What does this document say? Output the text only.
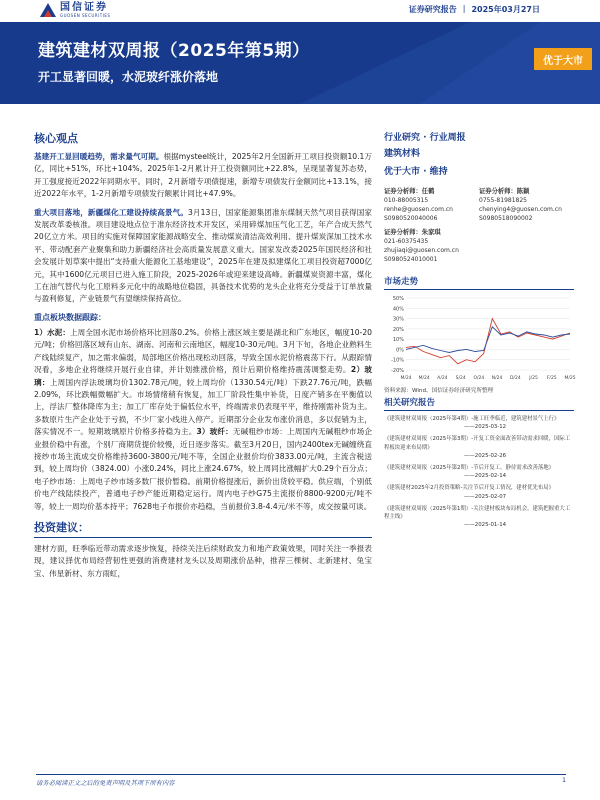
国信证券
GUOSEN SECURITIES
证券研究报告 | 2025年03月27日
建筑建材双周报（2025年第5期）
开工显著回暖，水泥玻纤涨价落地
优于大市
核心观点

基建开工显回暖趋势，需求量气可期。根据mysteel统计，2025年2月全国新开工项目投资额10.1万亿，同比+51%，环比+104%。2025年1-2月累计开工投资额同比+22.8%，呈现显著复苏态势，开工强度接近2022年同期水平。同时，2月新增专项债提速，新增专项债发行金额同比+13.1%，接近2022年水平，1-2月新增专项债发行额累计同比+47.9%。

重大项目落地，新疆煤化工建设持续高景气。3月13日，国家能源集团准东煤制天然气项目获得国家发展改革委核准。项目建设地点位于准东经济技术开发区，采用碎煤加压气化工艺，年产合成天然气20亿立方米。项目的实施对保障国家能源战略安全、推动煤炭清洁高效利用、提升煤炭深加工技术水平、带动配套产业聚集和助力新疆经济社会高质量发展意义重大。国家发改委2025年国民经济和社会发展计划草案中提出“支持重大能源化工基地建设”，2025年在建及拟建煤化工项目投资超7000亿元，其中1600亿元项目已进入施工阶段，2025-2026年或迎来建设高峰。新疆煤炭资源丰富，煤化工在油气替代与化工原料多元化中的战略地位稳固，具备技术优势的龙头企业将充分受益于订单放量与盈利修复，产业链景气有望继续保持高位。

重点板块数据跟踪：

1）水泥：上周全国水泥市场价格环比回落0.2%。价格上涨区域主要是湖北和广东地区，幅度10-20元/吨；价格回落区域有山东、湖南、河南和云南地区，幅度10-30元/吨。3月下旬，各地企业熟料生产线陆续复产，加之需求偏弱，局部地区价格出现松动回落，导致全国水泥价格震荡下行。从跟踪情况看，多地企业将继续开展行业自律，并计划推涨价格，预计后期价格维持震荡调整走势。2）玻璃：上周国内浮法玻璃均价1302.78元/吨，较上周均价（1330.54元/吨）下跌27.76元/吨，跌幅2.09%，环比跌幅微幅扩大。市场情绪稍有恢复，加工厂阶段性集中补货，日度产销多在平衡值以上，浮法厂整体降库为主；加工厂库存处于偏低位水平，终端需求仍表现平平，维持刚需补货为主。多数原片生产企业处于亏损，不少厂家小线进入停产。近期部分企业发布涨价消息，多以促销为主，落实情况不一。短期玻璃原片价格多持稳为主。3）玻纤：无碱粗纱市场：上周国内无碱粗纱市场企业报价稳中有涨，个别厂商期货提价较慢，近日逐步落实。截至3月20日，国内2400tex无碱缠绕直接纱市场主流成交价格维持3600-3800元/吨不等，全国企业报价均价3833.00元/吨，主流含税送到，较上周均价（3824.00）小涨0.24%，同比上涨24.67%，较上周同比涨幅扩大0.29个百分点；电子纱市场：上周电子纱市场多数厂报价暂稳。前期价格提涨后，新价出货较平稳。供应端，个别低价电产线陆续投产，普通电子纱产能近期稳定运行。周内电子纱G75主流报价8800-9200元/吨不等，较上一周均价基本持平；7628电子布报价亦趋稳，当前报价3.8-4.4元/米不等，成交按量可谈。

投资建议：

建材方面，旺季临近带动需求逐步恢复，持续关注后续财政发力和地产政策效果，同时关注一季报表现，建议择优布局经营韧性更强的消费建材龙头以及周期涨价品种，推荐三棵树、北新建材、兔宝宝、伟星新材、东方雨虹，

行业研究 · 行业周报
建筑材料
优于大市 · 维持
证券分析师：任鹤
010-88005315
renhe@guosen.com.cn
S0980520040006
证券分析师：陈颖
0755-81981825
chenying4@guosen.com.cn
S0980518090002
证券分析师：朱家琪
021-60375435
zhujiaqi@guosen.com.cn
S0980524010001
市场走势
50%
40%
30%
20%
10%
0%
-10%
-20%
M/24 M/24 A/24 S/24 O/24 N/24 D/24 J/25 F/25 M/25
资料来源：Wind、国信证券经济研究所整理
相关研究报告
《建筑建材双周报（2025年第4期）-施工旺季临近，建筑建材景气上行》
——2025-03-12
《建筑建材双周报（2025年第3期）-开复工资金面改善带动需求回暖，国际工程板块迎来布局期》
——2025-02-26
《建筑建材双周报（2025年第2期）-节后开复工，静待需求改善落地》
——2025-02-14
《建筑建材2025年2月投资策略-关注节后开复工情况，建材优先布局》
——2025-02-07
《建筑建材双周报（2025年第1期）-关注建材板块布局机会，建筑把握重大工程主线》
——2025-01-14
请务必阅读正文之后的免责声明及其项下所有内容	1
